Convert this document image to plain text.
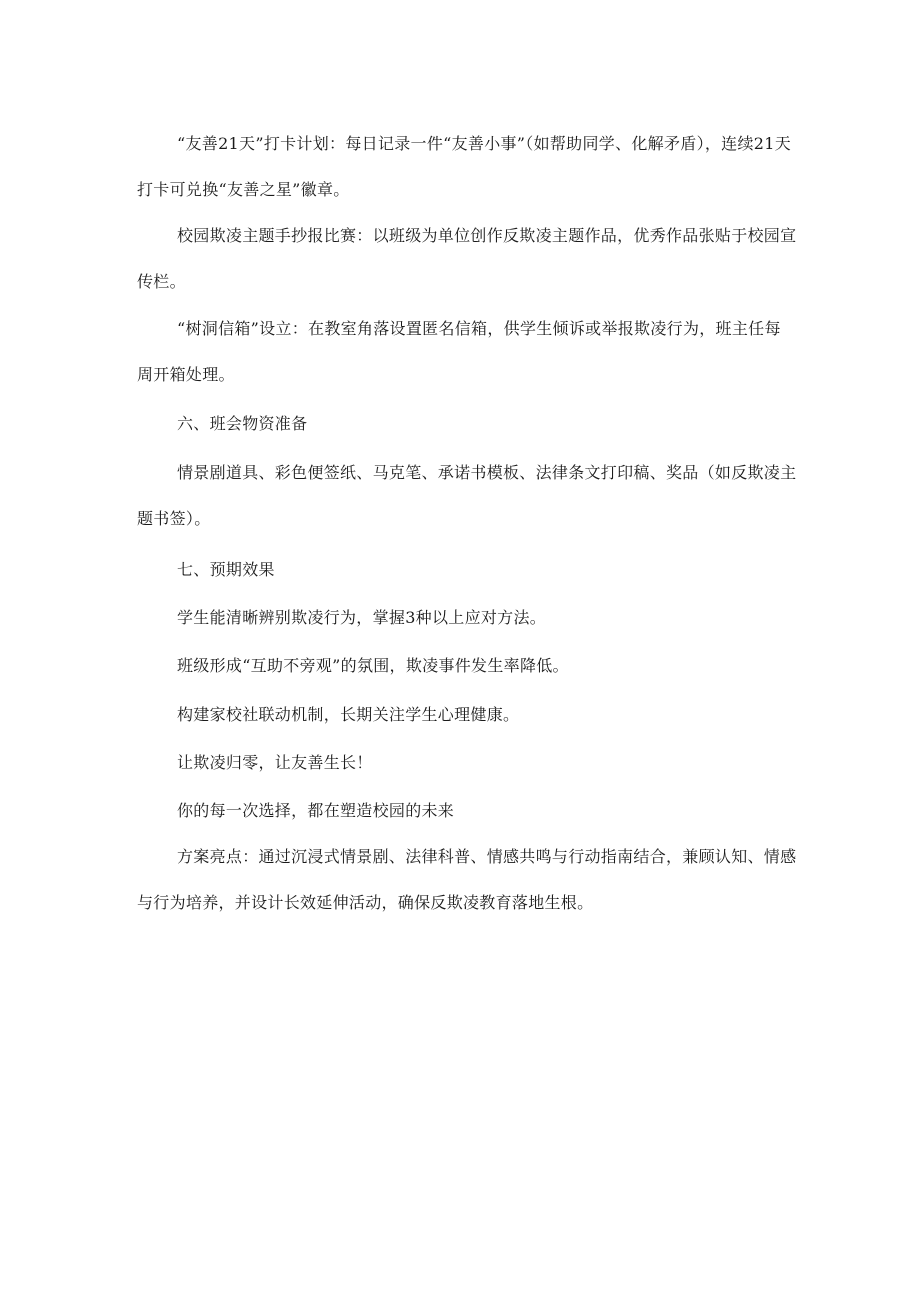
“友善21天”打卡计划：每日记录一件“友善小事”（如帮助同学、化解矛盾），连续21天打卡可兑换“友善之星”徽章。

校园欺凌主题手抄报比赛：以班级为单位创作反欺凌主题作品，优秀作品张贴于校园宣传栏。

“树洞信箱”设立：在教室角落设置匿名信箱，供学生倾诉或举报欺凌行为，班主任每周开箱处理。

六、班会物资准备

情景剧道具、彩色便签纸、马克笔、承诺书模板、法律条文打印稿、奖品（如反欺凌主题书签）。

七、预期效果

学生能清晰辨别欺凌行为，掌握3种以上应对方法。

班级形成“互助不旁观”的氛围，欺凌事件发生率降低。

构建家校社联动机制，长期关注学生心理健康。

让欺凌归零，让友善生长！

你的每一次选择，都在塑造校园的未来

方案亮点：通过沉浸式情景剧、法律科普、情感共鸣与行动指南结合，兼顾认知、情感与行为培养，并设计长效延伸活动，确保反欺凌教育落地生根。
